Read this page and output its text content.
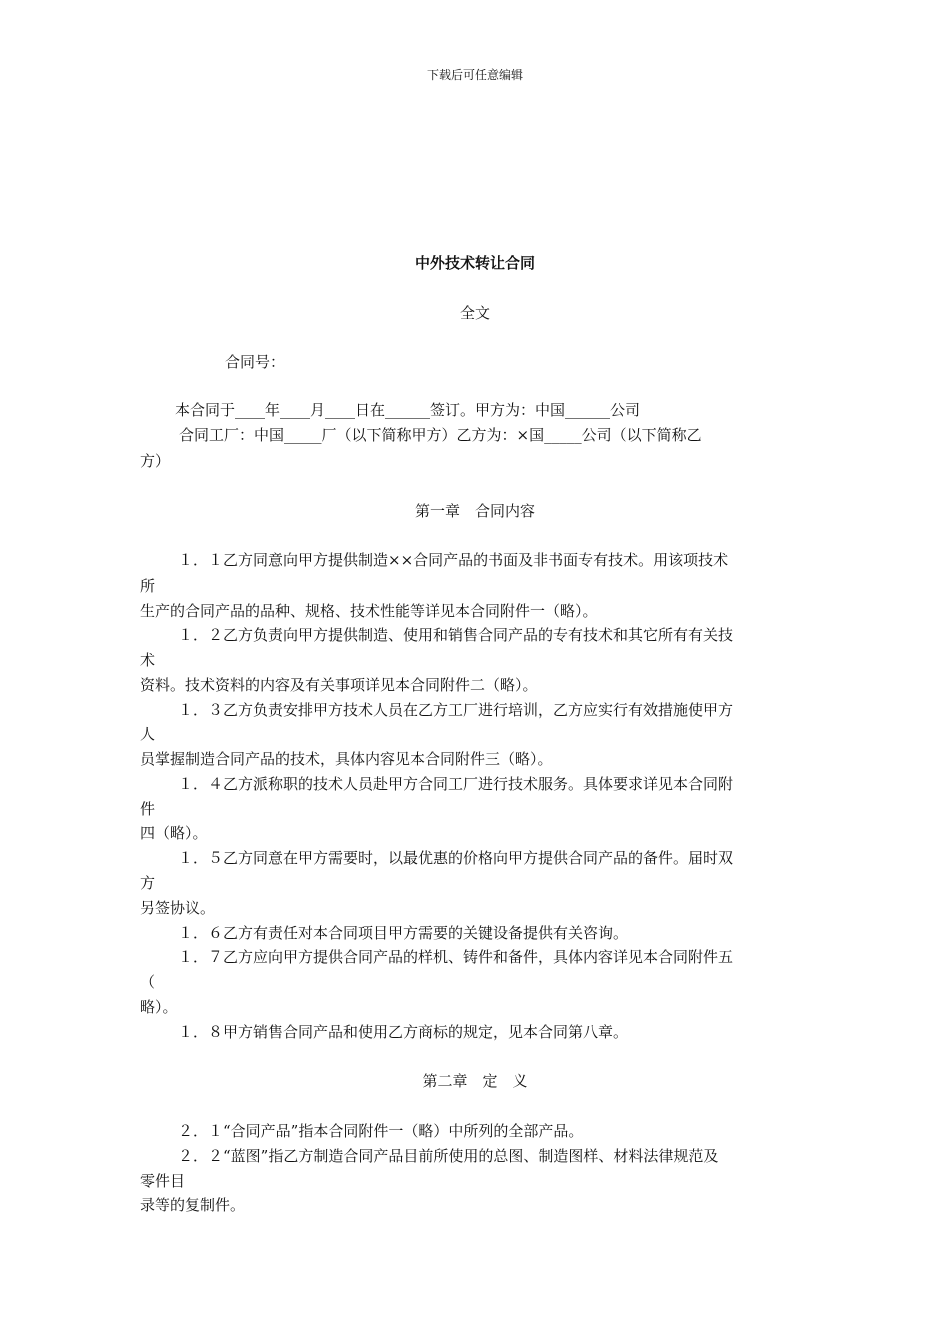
下载后可任意编辑
中外技术转让合同
全文
合同号：
本合同于____年____月____日在______签订。甲方为：中国______公司
合同工厂：中国_____厂（以下简称甲方）乙方为：×国_____公司（以下简称乙
方）
第一章　合同内容
１．１乙方同意向甲方提供制造××合同产品的书面及非书面专有技术。用该项技术
所
生产的合同产品的品种、规格、技术性能等详见本合同附件一（略）。
１．２乙方负责向甲方提供制造、使用和销售合同产品的专有技术和其它所有有关技
术
资料。技术资料的内容及有关事项详见本合同附件二（略）。
１．３乙方负责安排甲方技术人员在乙方工厂进行培训，乙方应实行有效措施使甲方
人
员掌握制造合同产品的技术，具体内容见本合同附件三（略）。
１．４乙方派称职的技术人员赴甲方合同工厂进行技术服务。具体要求详见本合同附
件
四（略）。
１．５乙方同意在甲方需要时，以最优惠的价格向甲方提供合同产品的备件。届时双
方
另签协议。
１．６乙方有责任对本合同项目甲方需要的关键设备提供有关咨询。
１．７乙方应向甲方提供合同产品的样机、铸件和备件，具体内容详见本合同附件五
（
略）。
１．８甲方销售合同产品和使用乙方商标的规定，见本合同第八章。
第二章　定　义
２．１“合同产品”指本合同附件一（略）中所列的全部产品。
２．２“蓝图”指乙方制造合同产品目前所使用的总图、制造图样、材料法律规范及
零件目
录等的复制件。
